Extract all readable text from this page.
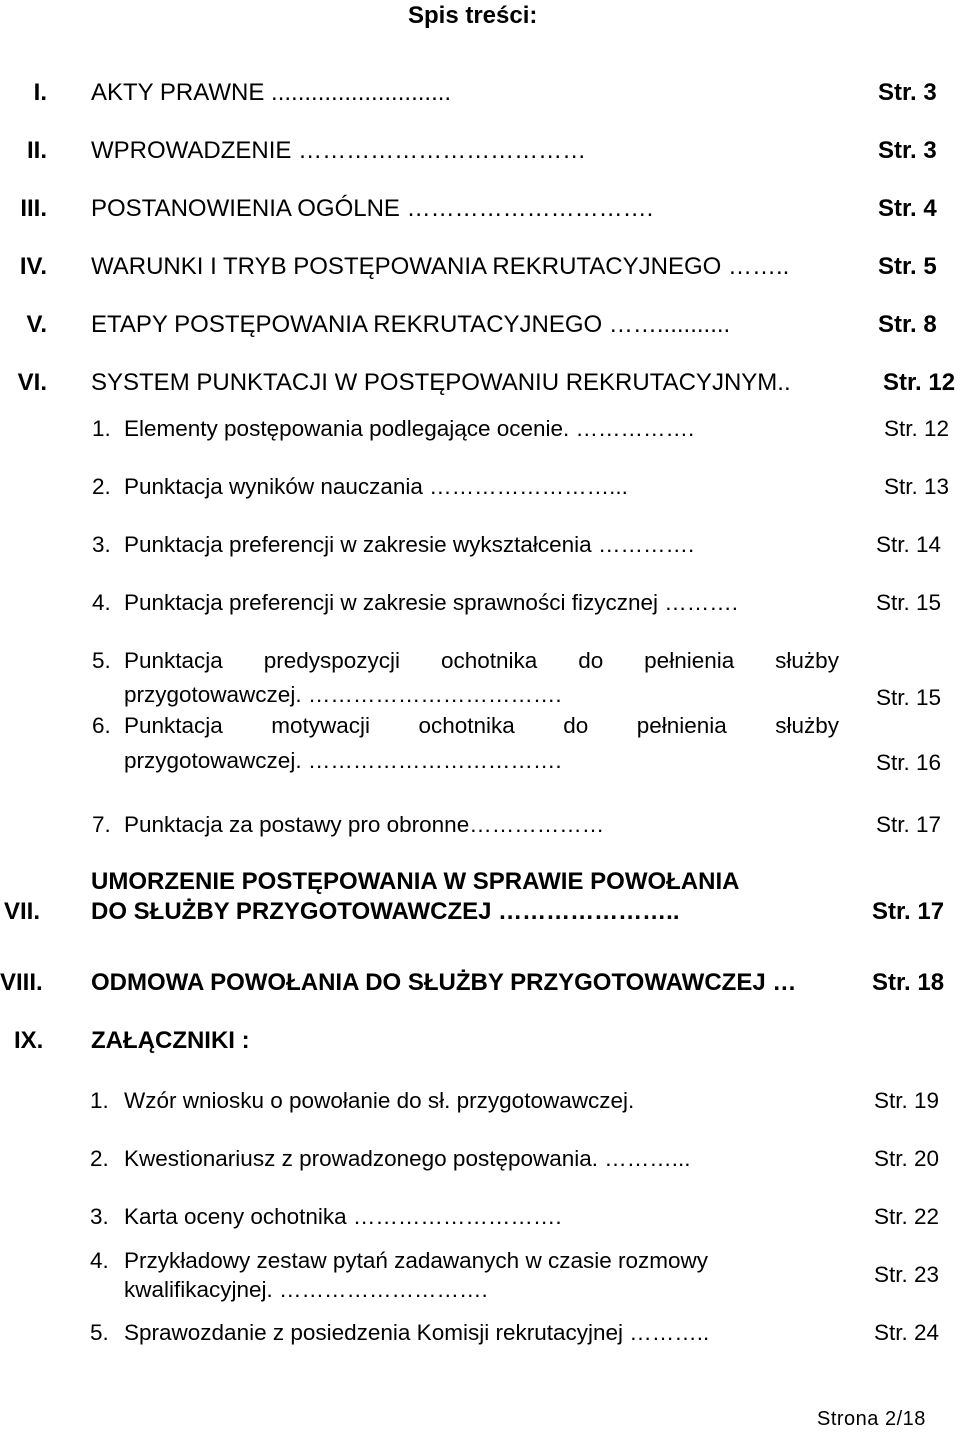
Spis treści:
I. AKTY PRAWNE ...........................	Str. 3
II. WPROWADZENIE ………………………………	Str. 3
III. POSTANOWIENIA OGÓLNE ………………………….	Str. 4
IV. WARUNKI I TRYB POSTĘPOWANIA REKRUTACYJNEGO ……..	Str. 5
V. ETAPY POSTĘPOWANIA REKRUTACYJNEGO ……...........	Str. 8
VI. SYSTEM PUNKTACJI W POSTĘPOWANIU REKRUTACYJNYM..	Str. 12
1. Elementy postępowania podlegające ocenie. …………….	Str. 12
2. Punktacja wyników nauczania ……………………...	Str. 13
3. Punktacja preferencji w zakresie wykształcenia ………….	Str. 14
4. Punktacja preferencji w zakresie sprawności fizycznej ……….	Str. 15
5. Punktacja predyspozycji ochotnika do pełnienia służby
przygotowawczej. …………………………….	Str. 15
6. Punktacja motywacji ochotnika do pełnienia służby
przygotowawczej. …………………………….	Str. 16
7. Punktacja za postawy pro obronne………………	Str. 17
VII.
UMORZENIE POSTĘPOWANIA W SPRAWIE POWOŁANIA
DO SŁUŻBY PRZYGOTOWAWCZEJ …………………..	Str. 17
VIII. ODMOWA POWOŁANIA DO SŁUŻBY PRZYGOTOWAWCZEJ …	Str. 18
IX. ZAŁĄCZNIKI :
1. Wzór wniosku o powołanie do sł. przygotowawczej.	Str. 19
2. Kwestionariusz z prowadzonego postępowania. ………...	Str. 20
3. Karta oceny ochotnika ……………………….	Str. 22
4. Przykładowy zestaw pytań zadawanych w czasie rozmowy
kwalifikacyjnej. ……………………….
Str. 23
5. Sprawozdanie z posiedzenia Komisji rekrutacyjnej ………..	Str. 24
Strona 2/18
